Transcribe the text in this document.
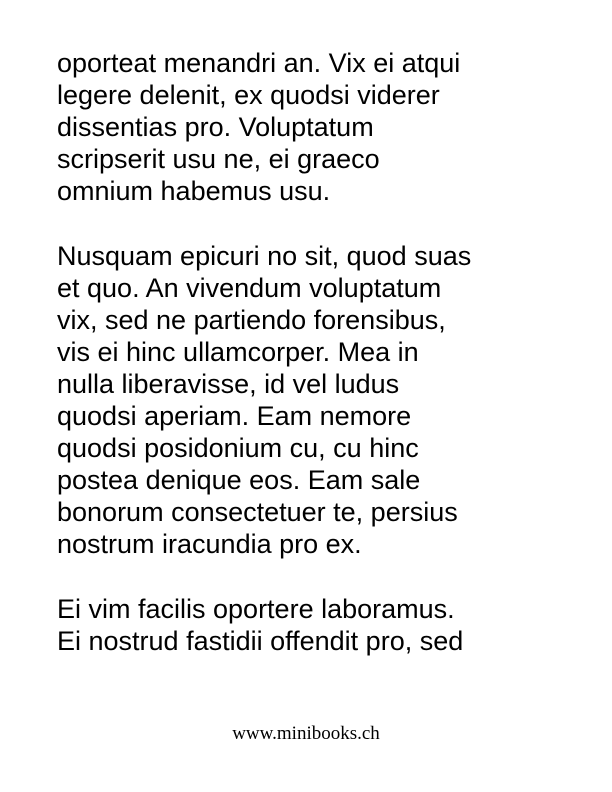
oporteat menandri an. Vix ei atqui
legere delenit, ex quodsi viderer
dissentias pro. Voluptatum
scripserit usu ne, ei graeco
omnium habemus usu.
Nusquam epicuri no sit, quod suas
et quo. An vivendum voluptatum
vix, sed ne partiendo forensibus,
vis ei hinc ullamcorper. Mea in
nulla liberavisse, id vel ludus
quodsi aperiam. Eam nemore
quodsi posidonium cu, cu hinc
postea denique eos. Eam sale
bonorum consectetuer te, persius
nostrum iracundia pro ex.
Ei vim facilis oportere laboramus.
Ei nostrud fastidii offendit pro, sed
www.minibooks.ch
